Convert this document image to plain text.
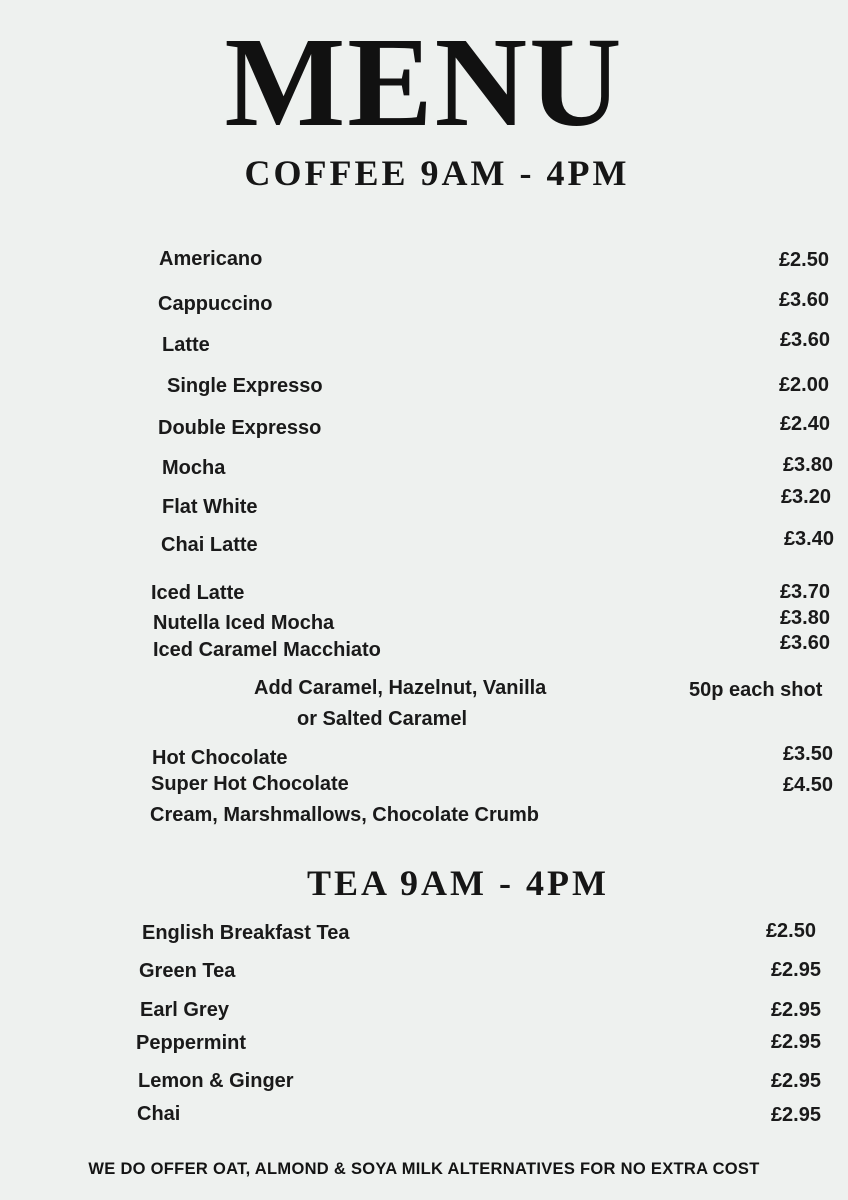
MENU
COFFEE 9AM - 4PM
Americano	£2.50
Cappuccino	£3.60
Latte	£3.60
Single Expresso	£2.00
Double Expresso	£2.40
Mocha	£3.80
Flat White	£3.20
Chai Latte	£3.40
Iced Latte	£3.70
Nutella Iced Mocha	£3.80
Iced Caramel Macchiato	£3.60
Add Caramel, Hazelnut, Vanilla
or Salted Caramel
50p each shot
Hot Chocolate	£3.50
Super Hot Chocolate	£4.50
Cream, Marshmallows, Chocolate Crumb
TEA 9AM - 4PM
English Breakfast Tea	£2.50
Green Tea	£2.95
Earl Grey	£2.95
Peppermint	£2.95
Lemon & Ginger	£2.95
Chai	£2.95
WE DO OFFER OAT, ALMOND & SOYA MILK ALTERNATIVES FOR NO EXTRA COST
